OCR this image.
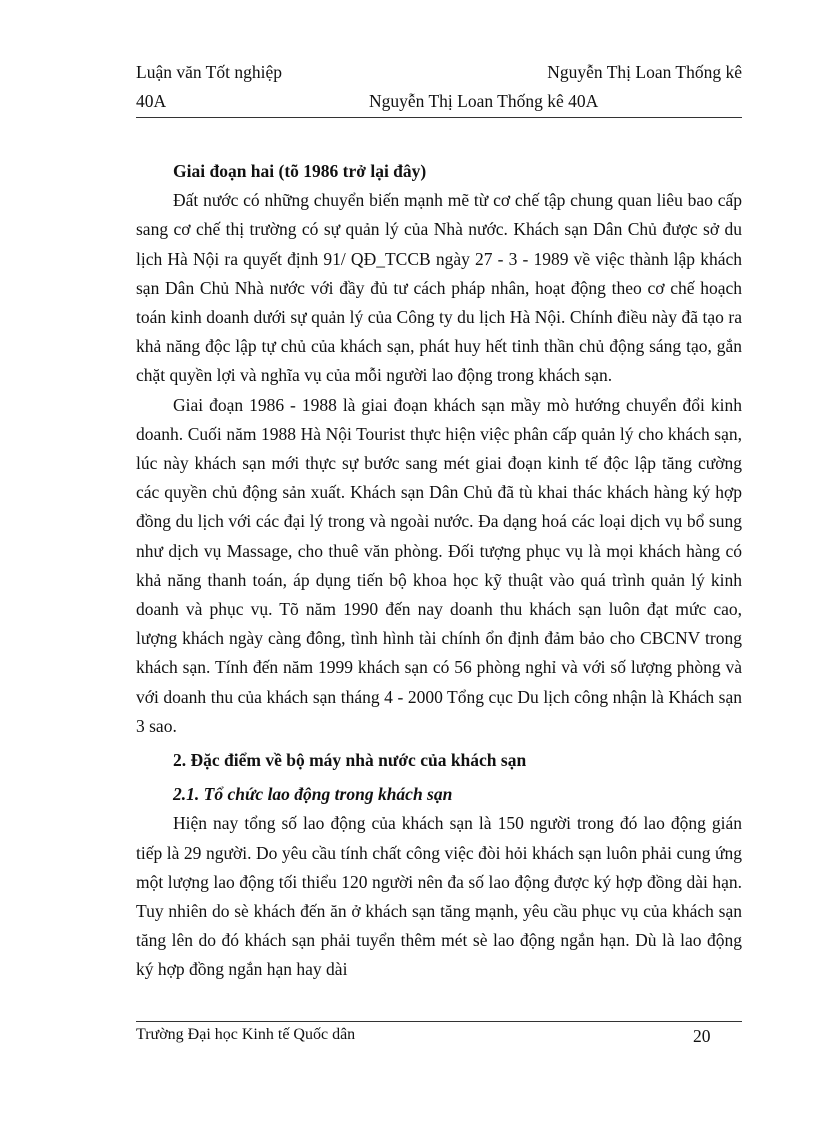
Luận văn Tốt nghiệp	Nguyễn Thị Loan Thống kê
40A	Nguyễn Thị Loan Thống kê 40A

Giai đoạn hai (tõ 1986 trở lại đây)

Đất nước có những chuyển biến mạnh mẽ từ cơ chế tập chung quan liêu bao cấp sang cơ chế thị trường có sự quản lý của Nhà nước. Khách sạn Dân Chủ được sở du lịch Hà Nội ra quyết định 91/ QĐ_TCCB ngày 27 - 3 - 1989 về việc thành lập khách sạn Dân Chủ Nhà nước với đầy đủ tư cách pháp nhân, hoạt động theo cơ chế hoạch toán kinh doanh dưới sự quản lý của Công ty du lịch Hà Nội. Chính điều này đã tạo ra khả năng độc lập tự chủ của khách sạn, phát huy hết tinh thần chủ động sáng tạo, gắn chặt quyền lợi và nghĩa vụ của mỗi người lao động trong khách sạn.

Giai đoạn 1986 - 1988 là giai đoạn khách sạn mầy mò hướng chuyển đổi kinh doanh. Cuối năm 1988 Hà Nội Tourist thực hiện việc phân cấp quản lý cho khách sạn, lúc này khách sạn mới thực sự bước sang mét giai đoạn kinh tế độc lập tăng cường các quyền chủ động sản xuất. Khách sạn Dân Chủ đã tù khai thác khách hàng ký hợp đồng du lịch với các đại lý trong và ngoài nước. Đa dạng hoá các loại dịch vụ bổ sung như dịch vụ Massage, cho thuê văn phòng. Đối tượng phục vụ là mọi khách hàng có khả năng thanh toán, áp dụng tiến bộ khoa học kỹ thuật vào quá trình quản lý kinh doanh và phục vụ. Tõ năm 1990 đến nay doanh thu khách sạn luôn đạt mức cao, lượng khách ngày càng đông, tình hình tài chính ổn định đảm bảo cho CBCNV trong khách sạn. Tính đến năm 1999 khách sạn có 56 phòng nghỉ và với số lượng phòng và với doanh thu của khách sạn tháng 4 - 2000 Tổng cục Du lịch công nhận là Khách sạn 3 sao.

2. Đặc điểm về bộ máy nhà nước của khách sạn

2.1. Tổ chức lao động trong khách sạn

Hiện nay tổng số lao động của khách sạn là 150 người trong đó lao động gián tiếp là 29 người. Do yêu cầu tính chất công việc đòi hỏi khách sạn luôn phải cung ứng một lượng lao động tối thiểu 120 người nên đa số lao động được ký hợp đồng dài hạn. Tuy nhiên do sè khách đến ăn ở khách sạn tăng mạnh, yêu cầu phục vụ của khách sạn tăng lên do đó khách sạn phải tuyển thêm mét sè lao động ngắn hạn. Dù là lao động ký hợp đồng ngắn hạn hay dài

Trường Đại học Kinh tế Quốc dân	20
